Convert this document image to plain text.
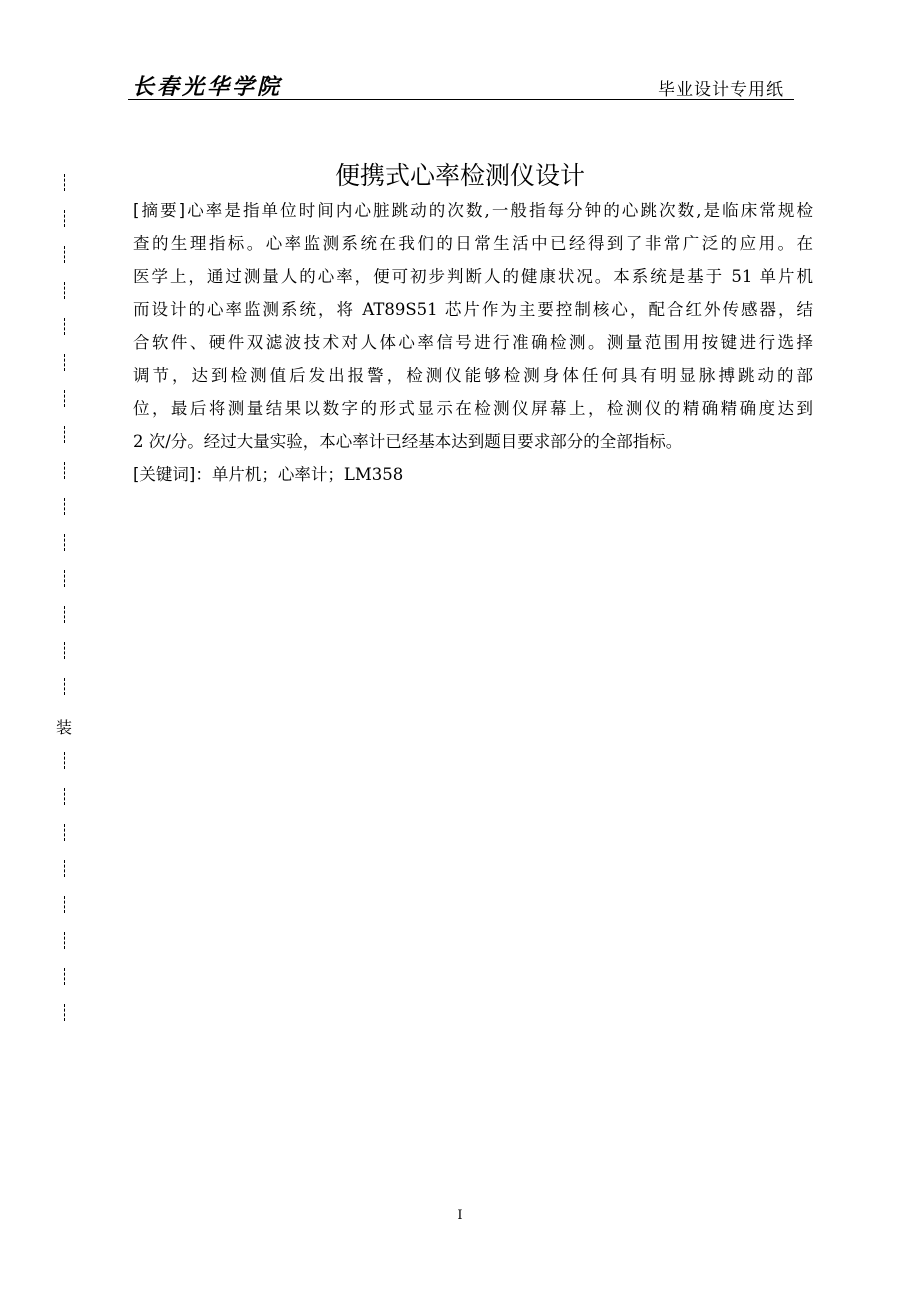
长春光华学院	毕业设计专用纸
装
便携式心率检测仪设计
[摘要]心率是指单位时间内心脏跳动的次数,一般指每分钟的心跳次数,是临床常规检
查的生理指标。心率监测系统在我们的日常生活中已经得到了非常广泛的应用。在
医学上，通过测量人的心率，便可初步判断人的健康状况。本系统是基于 51 单片机
而设计的心率监测系统，将 AT89S51 芯片作为主要控制核心，配合红外传感器，结
合软件、硬件双滤波技术对人体心率信号进行准确检测。测量范围用按键进行选择
调节，达到检测值后发出报警，检测仪能够检测身体任何具有明显脉搏跳动的部
位，最后将测量结果以数字的形式显示在检测仪屏幕上，检测仪的精确精确度达到
2 次/分。经过大量实验，本心率计已经基本达到题目要求部分的全部指标。
[关键词]：单片机；心率计；LM358
I
